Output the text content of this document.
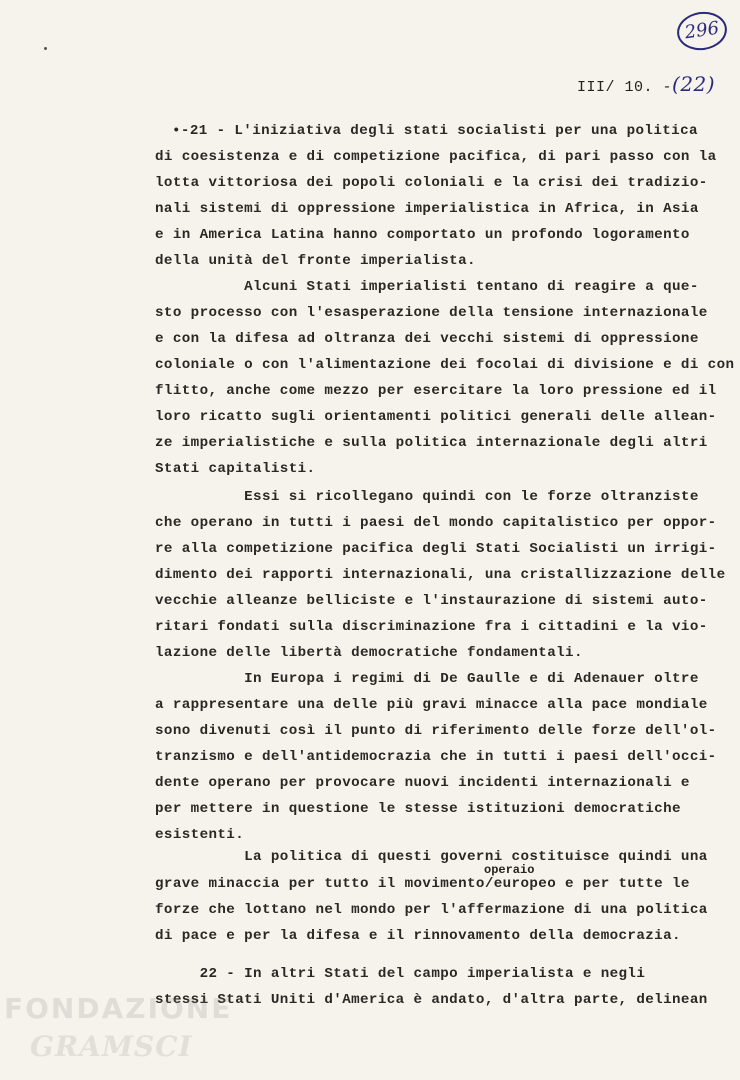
296
III/ 10. -(22)
•-21 - L'iniziativa degli stati socialisti per una politica
di coesistenza e di competizione pacifica, di pari passo con la
lotta vittoriosa dei popoli coloniali e la crisi dei tradizio-
nali sistemi di oppressione imperialistica in Africa, in Asia
e in America Latina hanno comportato un profondo logoramento
della unità del fronte imperialista.
Alcuni Stati imperialisti tentano di reagire a que-
sto processo con l'esasperazione della tensione internazionale
e con la difesa ad oltranza dei vecchi sistemi di oppressione
coloniale o con l'alimentazione dei focolai di divisione e di con
flitto, anche come mezzo per esercitare la loro pressione ed il
loro ricatto sugli orientamenti politici generali delle allean-
ze imperialistiche e sulla politica internazionale degli altri
Stati capitalisti.
Essi si ricollegano quindi con le forze oltranziste
che operano in tutti i paesi del mondo capitalistico per oppor-
re alla competizione pacifica degli Stati Socialisti un irrigi-
dimento dei rapporti internazionali, una cristallizzazione delle
vecchie alleanze belliciste e l'instaurazione di sistemi auto-
ritari fondati sulla discriminazione fra i cittadini e la vio-
lazione delle libertà democratiche fondamentali.
In Europa i regimi di De Gaulle e di Adenauer oltre
a rappresentare una delle più gravi minacce alla pace mondiale
sono divenuti così il punto di riferimento delle forze dell'ol-
tranzismo e dell'antidemocrazia che in tutti i paesi dell'occi-
dente operano per provocare nuovi incidenti internazionali e
per mettere in questione le stesse istituzioni democratiche
esistenti.
La politica di questi governi costituisce quindi una
operaio
grave minaccia per tutto il movimento/europeo e per tutte le
forze che lottano nel mondo per l'affermazione di una politica
di pace e per la difesa e il rinnovamento della democrazia.
22 - In altri Stati del campo imperialista e negli
stessi Stati Uniti d'America è andato, d'altra parte, delinean
FONDAZIONE
GRAMSCI
